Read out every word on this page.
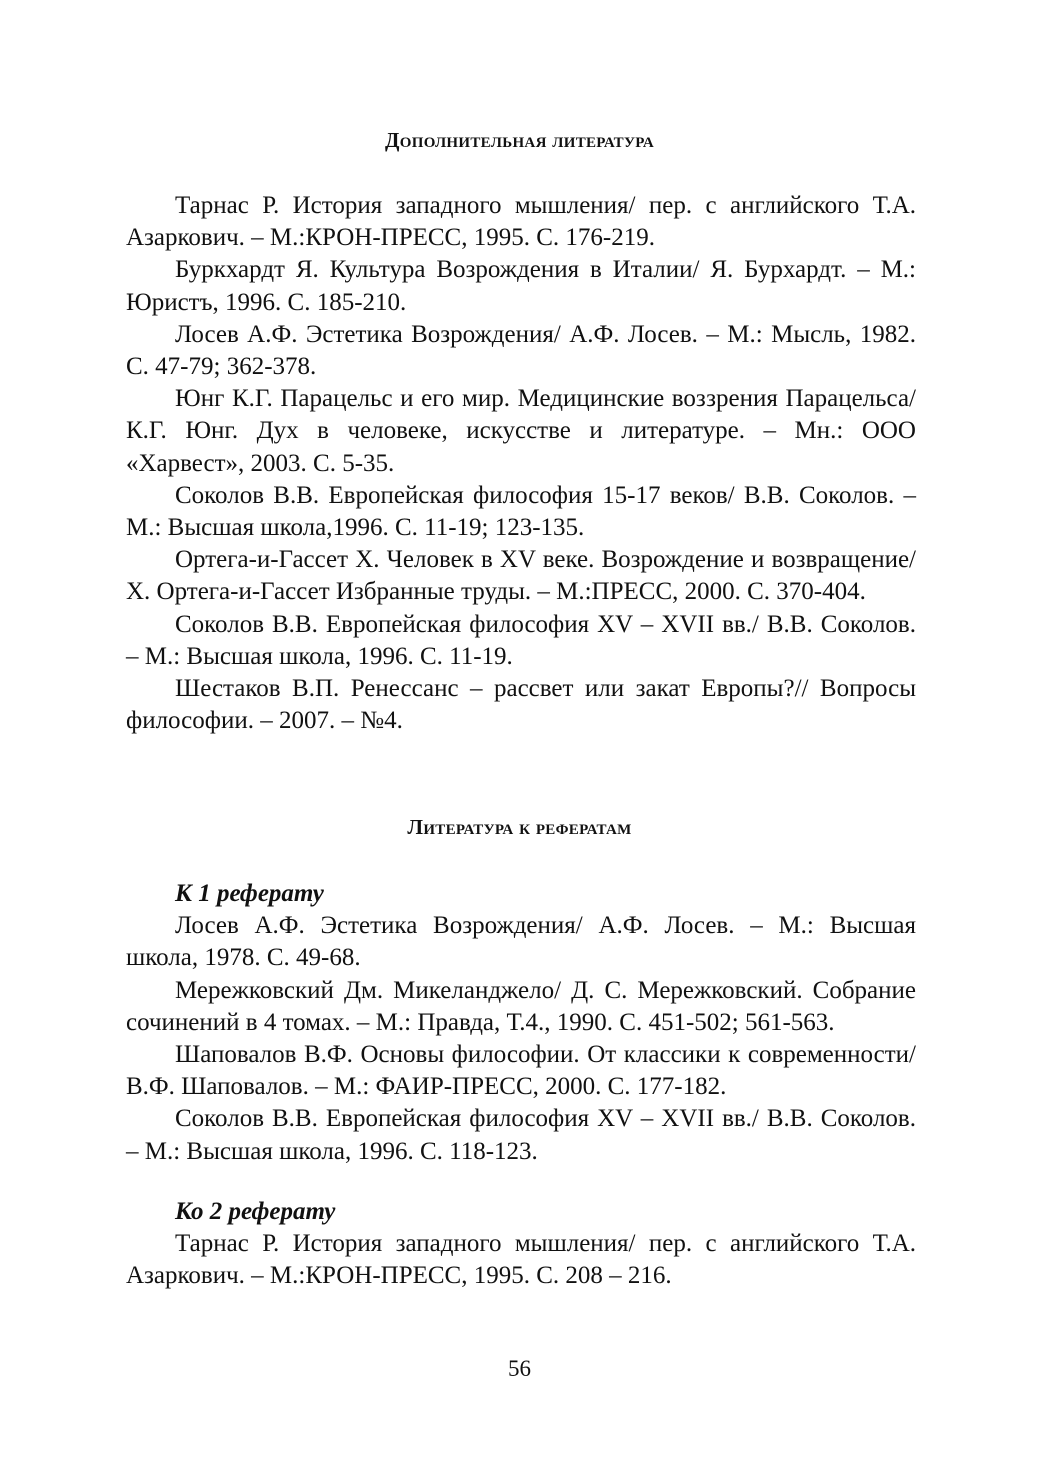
Дополнительная литература

Тарнас Р. История западного мышления/ пер. с английского Т.А. Азаркович. – М.:КРОН-ПРЕСС, 1995. С. 176-219.

Буркхардт Я. Культура Возрождения в Италии/ Я. Бурхардт. – М.: Юристъ, 1996. С. 185-210.

Лосев А.Ф. Эстетика Возрождения/ А.Ф. Лосев. – М.: Мысль, 1982. С. 47-79; 362-378.

Юнг К.Г. Парацельс и его мир. Медицинские воззрения Парацельса/ К.Г. Юнг. Дух в человеке, искусстве и литературе. – Мн.: ООО «Харвест», 2003. С. 5-35.

Соколов В.В. Европейская философия 15-17 веков/ В.В. Соколов. – М.: Высшая школа,1996. С. 11-19; 123-135.

Ортега-и-Гассет Х. Человек в XV веке. Возрождение и возвращение/ Х. Ортега-и-Гассет Избранные труды. – М.:ПРЕСС, 2000. С. 370-404.

Соколов В.В. Европейская философия XV – XVII вв./ В.В. Соколов. – М.: Высшая школа, 1996. С. 11-19.

Шестаков В.П. Ренессанс – рассвет или закат Европы?// Вопросы философии. – 2007. – №4.

Литература к рефератам

К 1 реферату

Лосев А.Ф. Эстетика Возрождения/ А.Ф. Лосев. – М.: Высшая школа, 1978. С. 49-68.

Мережковский Дм. Микеланджело/ Д. С. Мережковский. Собрание сочинений в 4 томах. – М.: Правда, Т.4., 1990. С. 451-502; 561-563.

Шаповалов В.Ф. Основы философии. От классики к современности/ В.Ф. Шаповалов. – М.: ФАИР-ПРЕСС, 2000. С. 177-182.

Соколов В.В. Европейская философия XV – XVII вв./ В.В. Соколов. – М.: Высшая школа, 1996. С. 118-123.

Ко 2 реферату

Тарнас Р. История западного мышления/ пер. с английского Т.А. Азаркович. – М.:КРОН-ПРЕСС, 1995. С. 208 – 216.

56
